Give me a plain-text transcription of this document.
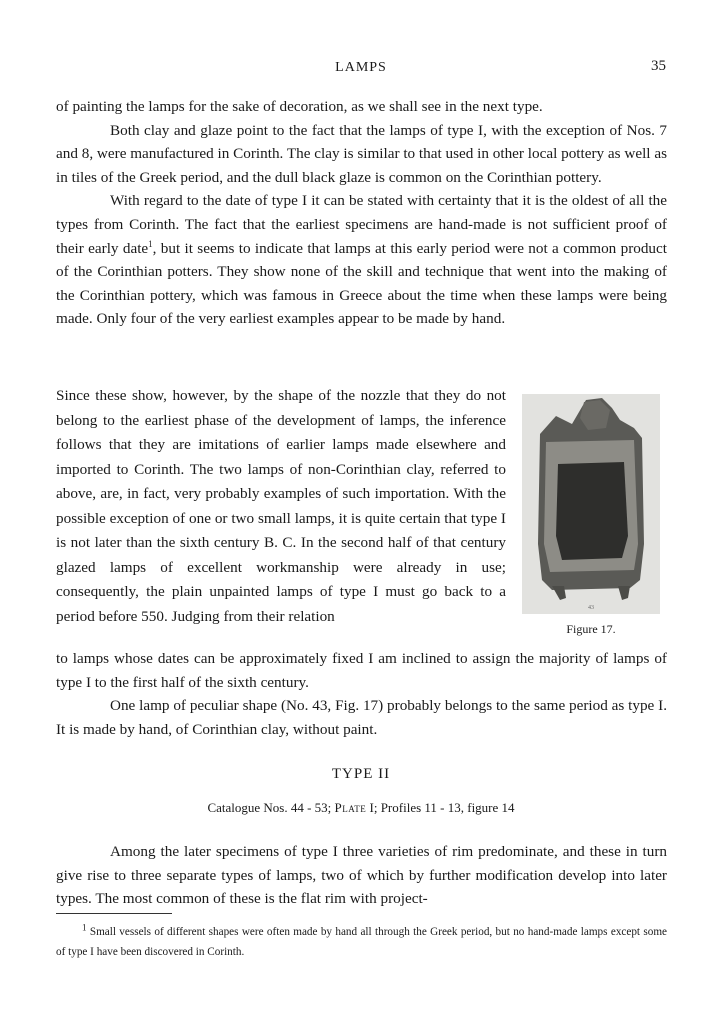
LAMPS	35

of painting the lamps for the sake of decoration, as we shall see in the next type.

Both clay and glaze point to the fact that the lamps of type I, with the exception of Nos. 7 and 8, were manufactured in Corinth. The clay is similar to that used in other local pottery as well as in tiles of the Greek period, and the dull black glaze is common on the Corinthian pottery.

With regard to the date of type I it can be stated with certainty that it is the oldest of all the types from Corinth. The fact that the earliest specimens are hand-made is not sufficient proof of their early date$^1$, but it seems to indicate that lamps at this early period were not a common product of the Corinthian potters. They show none of the skill and technique that went into the making of the Corinthian pottery, which was famous in Greece about the time when these lamps were being made. Only four of the very earliest examples appear to be made by hand.

Since these show, however, by the shape of the nozzle that they do not belong to the earliest phase of the development of lamps, the inference follows that they are imitations of earlier lamps made elsewhere and imported to Corinth. The two lamps of non-Corinthian clay, referred to above, are, in fact, very probably examples of such importation. With the possible exception of one or two small lamps, it is quite certain that type I is not later than the sixth century B. C. In the second half of that century glazed lamps of excellent workmanship were already in use; consequently, the plain unpainted lamps of type I must go back to a period before 550. Judging from their relation	43
Figure 17.

to lamps whose dates can be approximately fixed I am inclined to assign the majority of lamps of type I to the first half of the sixth century.

One lamp of peculiar shape (No. 43, Fig. 17) probably belongs to the same period as type I. It is made by hand, of Corinthian clay, without paint.

TYPE II
Catalogue Nos. 44 - 53; Plate I; Profiles 11 - 13, figure 14

Among the later specimens of type I three varieties of rim predominate, and these in turn give rise to three separate types of lamps, two of which by further modification develop into later types. The most common of these is the flat rim with project-

$^1$ Small vessels of different shapes were often made by hand all through the Greek period, but no hand-made lamps except some of type I have been discovered in Corinth.
